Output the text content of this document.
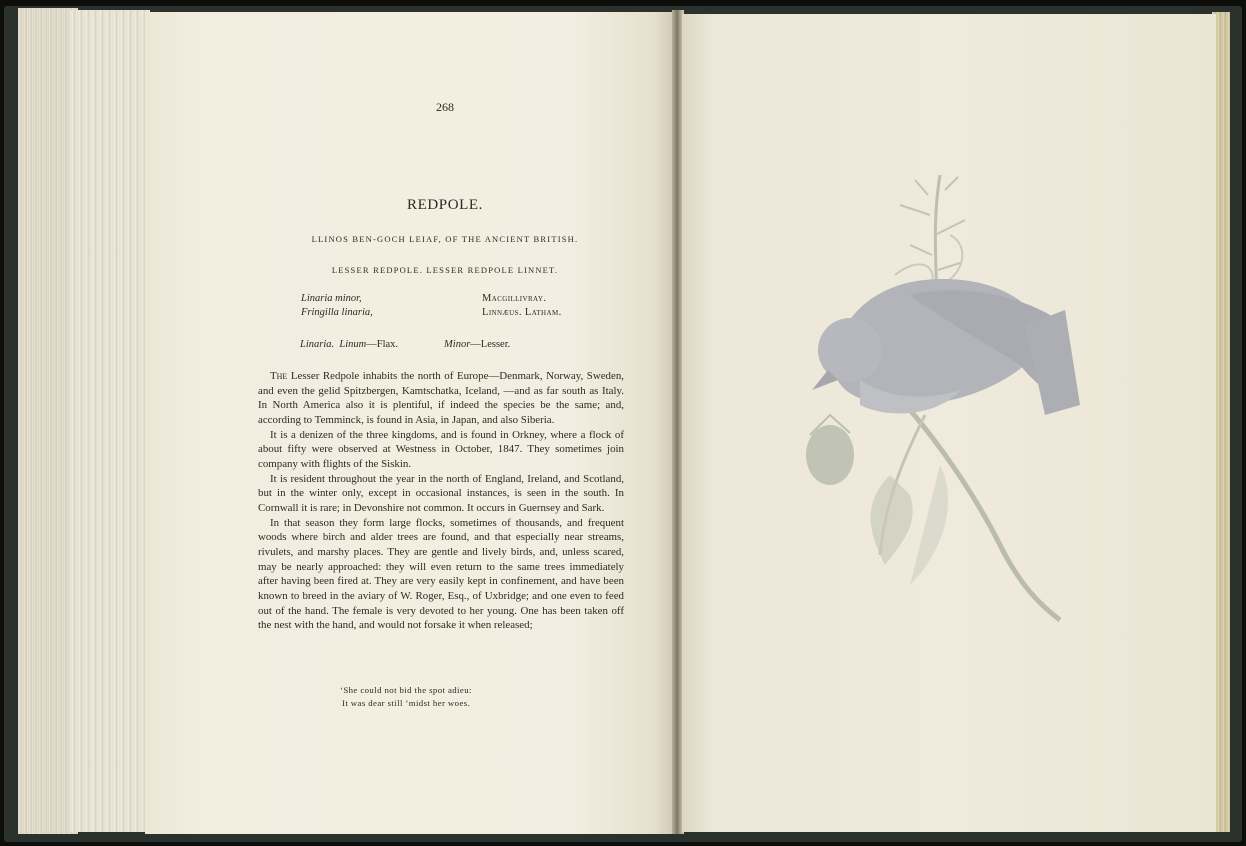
268
REDPOLE.
LLINOS BEN-GOCH LEIAF, OF THE ANCIENT BRITISH.
LESSER REDPOLE. LESSER REDPOLE LINNET.
Linaria minor,	Macgillivray.
Fringilla linaria,	Linnæus. Latham.
Linaria. Linum—Flax.	Minor—Lesser.

The Lesser Redpole inhabits the north of Europe—Denmark, Norway, Sweden, and even the gelid Spitzbergen, Kamtschatka, Iceland, —and as far south as Italy. In North America also it is plentiful, if indeed the species be the same; and, according to Temminck, is found in Asia, in Japan, and also Siberia.

It is a denizen of the three kingdoms, and is found in Orkney, where a flock of about fifty were observed at Westness in October, 1847. They sometimes join company with flights of the Siskin.

It is resident throughout the year in the north of England, Ireland, and Scotland, but in the winter only, except in occasional instances, is seen in the south. In Cornwall it is rare; in Devonshire not common. It occurs in Guernsey and Sark.

In that season they form large flocks, sometimes of thousands, and frequent woods where birch and alder trees are found, and that especially near streams, rivulets, and marshy places. They are gentle and lively birds, and, unless scared, may be nearly approached: they will even return to the same trees immediately after having been fired at. They are very easily kept in confinement, and have been known to breed in the aviary of W. Roger, Esq., of Uxbridge; and one even to feed out of the hand. The female is very devoted to her young. One has been taken off the nest with the hand, and would not forsake it when released;

‘She could not bid the spot adieu:
It was dear still ’midst her woes.
